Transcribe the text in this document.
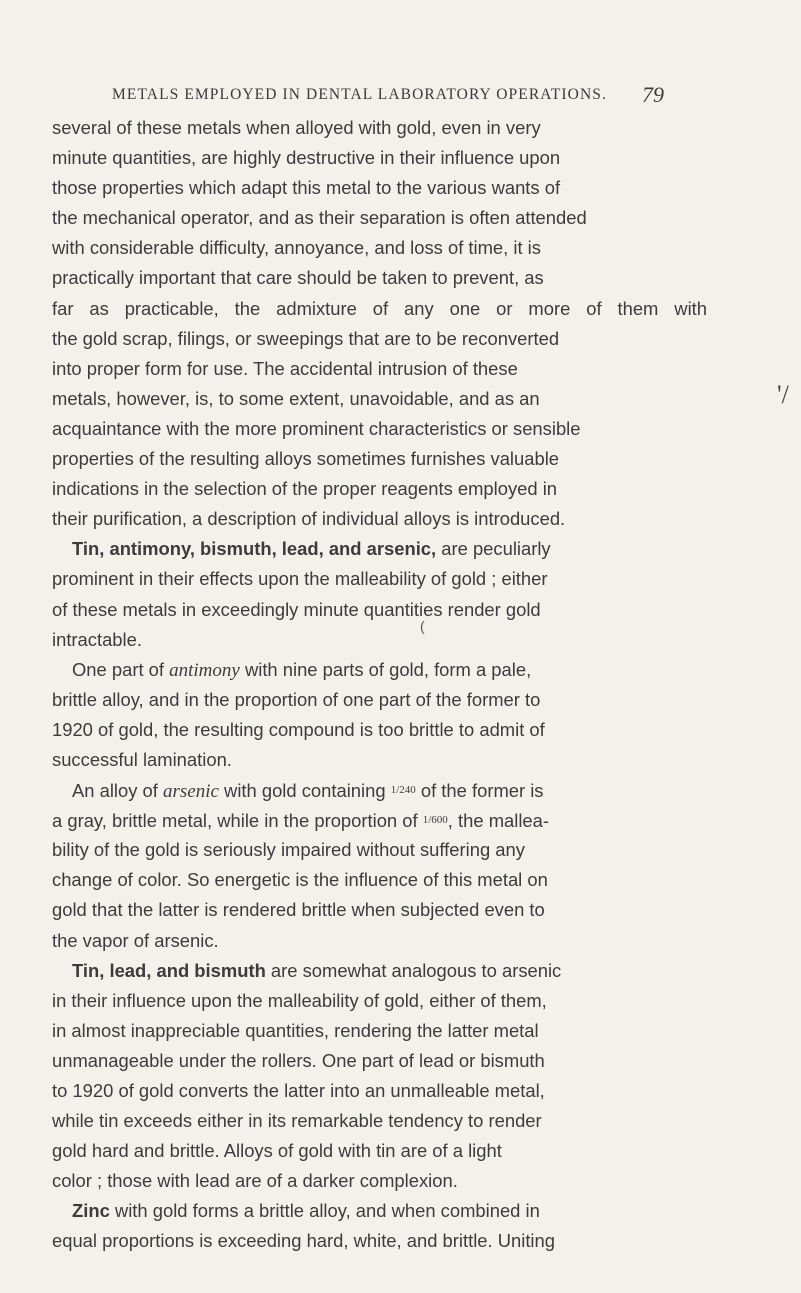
METALS EMPLOYED IN DENTAL LABORATORY OPERATIONS. 79
'/
(
several of these metals when alloyed with gold, even in very
minute quantities, are highly destructive in their influence upon
those properties which adapt this metal to the various wants of
the mechanical operator, and as their separation is often attended
with considerable difficulty, annoyance, and loss of time, it is
practically important that care should be taken to prevent, as
far as practicable, the admixture of any one or more of them with
the gold scrap, filings, or sweepings that are to be reconverted
into proper form for use. The accidental intrusion of these
metals, however, is, to some extent, unavoidable, and as an
acquaintance with the more prominent characteristics or sensible
properties of the resulting alloys sometimes furnishes valuable
indications in the selection of the proper reagents employed in
their purification, a description of individual alloys is introduced.
Tin, antimony, bismuth, lead, and arsenic, are peculiarly
prominent in their effects upon the malleability of gold ; either
of these metals in exceedingly minute quantities render gold
intractable.
One part of antimony with nine parts of gold, form a pale,
brittle alloy, and in the proportion of one part of the former to
1920 of gold, the resulting compound is too brittle to admit of
successful lamination.
An alloy of arsenic with gold containing $^{1/240}$ of the former is
a gray, brittle metal, while in the proportion of $^{1/600}$, the mallea-
bility of the gold is seriously impaired without suffering any
change of color. So energetic is the influence of this metal on
gold that the latter is rendered brittle when subjected even to
the vapor of arsenic.
Tin, lead, and bismuth are somewhat analogous to arsenic
in their influence upon the malleability of gold, either of them,
in almost inappreciable quantities, rendering the latter metal
unmanageable under the rollers. One part of lead or bismuth
to 1920 of gold converts the latter into an unmalleable metal,
while tin exceeds either in its remarkable tendency to render
gold hard and brittle. Alloys of gold with tin are of a light
color ; those with lead are of a darker complexion.
Zinc with gold forms a brittle alloy, and when combined in
equal proportions is exceeding hard, white, and brittle. Uniting
